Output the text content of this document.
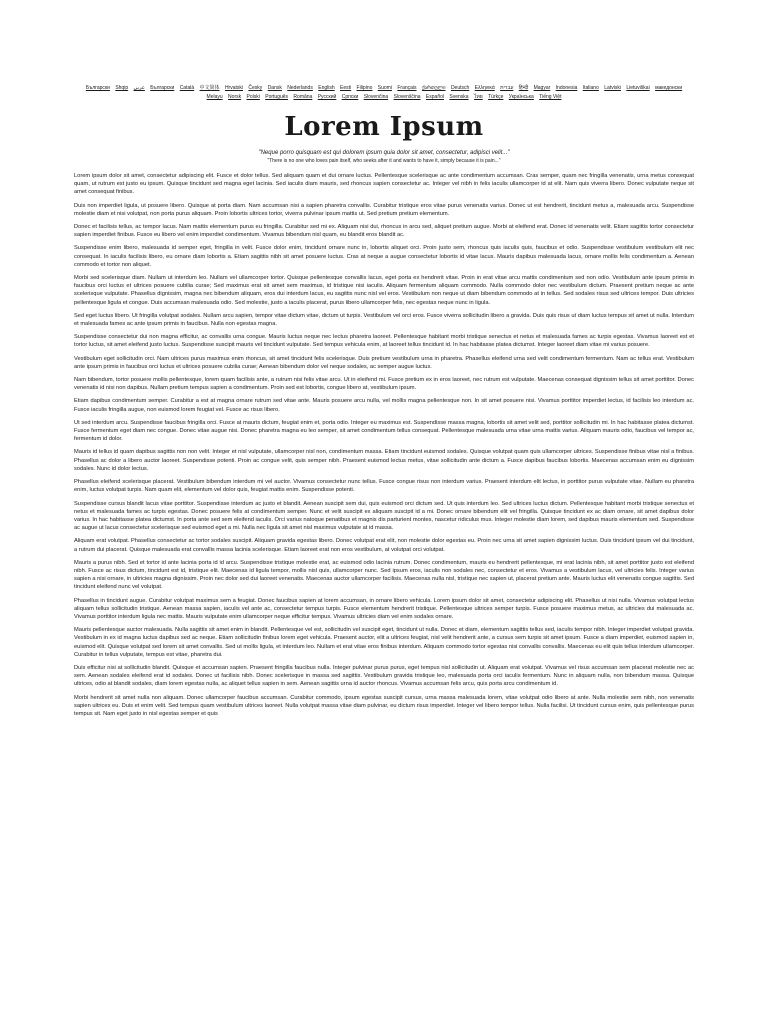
Български Shqip عربي Български Català 中文简体 Hrvatski Česky Dansk Nederlands English Eesti Filipino Suomi Français ქართული Deutsch Ελληνικά עברית हिन्दी Magyar Indonesia Italiano Latviski Lietuviškai македонски Melayu Norsk Polski Português Româna Pyccкий Српски Slovenčina Slovenščina Español Svenska ไทย Türkçe Українська Tiếng Việt
Lorem Ipsum
"Neque porro quisquam est qui dolorem ipsum quia dolor sit amet, consectetur, adipisci velit..."
"There is no one who loves pain itself, who seeks after it and wants to have it, simply because it is pain..."

Lorem ipsum dolor sit amet, consectetur adipiscing elit. Fusce et dolor tellus. Sed aliquam quam et dui ornare luctus. Pellentesque scelerisque ac ante condimentum accumsan. Cras semper, quam nec fringilla venenatis, urna metus consequat quam, ut rutrum est justo eu ipsum. Quisque tincidunt sed magna eget lacinia. Sed iaculis diam mauris, sed rhoncus sapien consectetur ac. Integer vel nibh in felis iaculis ullamcorper id at elit. Nam quis viverra libero. Donec vulputate neque sit amet consequat finibus.

Duis non imperdiet ligula, ut posuere libero. Quisque at porta diam. Nam accumsan nisi a sapien pharetra convallis. Curabitur tristique eros vitae purus venenatis varius. Donec ut est hendrerit, tincidunt metus a, malesuada arcu. Suspendisse molestie diam et nisi volutpat, non porta purus aliquam. Proin lobortis ultrices tortor, viverra pulvinar ipsum mattis ut. Sed pretium pretium elementum.

Donec et facilisis tellus, ac tempor lacus. Nam mattis elementum purus eu fringilla. Curabitur sed mi ex. Aliquam nisi dui, rhoncus in arcu sed, aliquet pretium augue. Morbi at eleifend erat. Donec id venenatis velit. Etiam sagittis tortor consectetur sapien imperdiet finibus. Fusce eu libero vel enim imperdiet condimentum. Vivamus bibendum nisl quam, eu blandit eros blandit ac.

Suspendisse enim libero, malesuada id semper eget, fringilla in velit. Fusce dolor enim, tincidunt ornare nunc in, lobortis aliquet orci. Proin justo sem, rhoncus quis iaculis quis, faucibus et odio. Suspendisse vestibulum vestibulum elit nec consequat. In iaculis facilisis libero, eu ornare diam lobortis a. Etiam sagittis nibh sit amet posuere luctus. Cras at neque a augue consectetur lobortis id vitae lacus. Mauris dapibus malesuada lacus, ornare mollis felis condimentum a. Aenean commodo et tortor non aliquet.

Morbi sed scelerisque diam. Nullam ut interdum leo. Nullam vel ullamcorper tortor. Quisque pellentesque convallis lacus, eget porta ex hendrerit vitae. Proin in erat vitae arcu mattis condimentum sed non odio. Vestibulum ante ipsum primis in faucibus orci luctus et ultrices posuere cubilia curae; Sed maximus erat sit amet sem maximus, id tristique nisi iaculis. Aliquam fermentum aliquam commodo. Nulla commodo dolor nec vestibulum dictum. Praesent pretium neque ac ante scelerisque vulputate. Phasellus dignissim, magna nec bibendum aliquam, eros dui interdum lacus, eu sagittis nunc nisl vel eros. Vestibulum non neque ut diam bibendum commodo at in tellus. Sed sodales risus sed ultrices tempor. Duis ultricies pellentesque ligula et congue. Duis accumsan malesuada odio. Sed molestie, justo a iaculis placerat, purus libero ullamcorper felis, nec egestas neque nunc in ligula.

Sed eget luctus libero. Ut fringilla volutpat sodales. Nullam arcu sapien, tempor vitae dictum vitae, dictum ut turpis. Vestibulum vel orci eros. Fusce viverra sollicitudin libero a gravida. Duis quis risus ut diam luctus tempus sit amet ut nulla. Interdum et malesuada fames ac ante ipsum primis in faucibus. Nulla non egestas magna.

Suspendisse consectetur dui non magna efficitur, ac convallis urna congue. Mauris luctus neque nec lectus pharetra laoreet. Pellentesque habitant morbi tristique senectus et netus et malesuada fames ac turpis egestas. Vivamus laoreet est et tortor luctus, sit amet eleifend justo luctus. Suspendisse suscipit mauris vel tincidunt vulputate. Sed tempus vehicula enim, at laoreet tellus tincidunt id. In hac habitasse platea dictumst. Integer laoreet diam vitae mi varius posuere.

Vestibulum eget sollicitudin orci. Nam ultrices purus maximus enim rhoncus, sit amet tincidunt felis scelerisque. Duis pretium vestibulum urna in pharetra. Phasellus eleifend urna sed velit condimentum fermentum. Nam ac tellus erat. Vestibulum ante ipsum primis in faucibus orci luctus et ultrices posuere cubilia curae; Aenean bibendum dolor vel neque sodales, ac semper augue luctus.

Nam bibendum, tortor posuere mollis pellentesque, lorem quam facilisis ante, a rutrum nisi felis vitae arcu. Ut in eleifend mi. Fusce pretium ex in eros laoreet, nec rutrum est vulputate. Maecenas consequat dignissim tellus sit amet porttitor. Donec venenatis id nisi non dapibus. Nullam pretium tempus sapien a condimentum. Proin sed est lobortis, congue libero at, vestibulum ipsum.

Etiam dapibus condimentum semper. Curabitur a est at magna ornare rutrum sed vitae ante. Mauris posuere arcu nulla, vel mollis magna pellentesque non. In sit amet posuere nisi. Vivamus porttitor imperdiet lectus, id facilisis leo interdum ac. Fusce iaculis fringilla augue, non euismod lorem feugiat vel. Fusce ac risus libero.

Ut sed interdum arcu. Suspendisse faucibus fringilla orci. Fusce at mauris dictum, feugiat enim et, porta odio. Integer eu maximus est. Suspendisse massa magna, lobortis sit amet velit sed, porttitor sollicitudin mi. In hac habitasse platea dictumst. Fusce fermentum eget diam nec congue. Donec vitae augue nisi. Donec pharetra magna eu leo semper, sit amet condimentum tellus consequat. Pellentesque malesuada urna vitae urna mattis varius. Aliquam mauris odio, faucibus vel tempor ac, fermentum id dolor.

Mauris id tellus id quam dapibus sagittis non non velit. Integer et nisl vulputate, ullamcorper nisl non, condimentum massa. Etiam tincidunt euismod sodales. Quisque volutpat quam quis ullamcorper ultrices. Suspendisse finibus vitae nisl a finibus. Phasellus ac dolor a libero auctor laoreet. Suspendisse potenti. Proin ac congue velit, quis semper nibh. Praesent euismod lectus metus, vitae sollicitudin ante dictum a. Fusce dapibus faucibus lobortis. Maecenas accumsan enim eu dignissim sodales. Nunc id dolor lectus.

Phasellus eleifend scelerisque placerat. Vestibulum bibendum interdum mi vel auctor. Vivamus consectetur nunc tellus. Fusce congue risus non interdum varius. Praesent interdum elit lectus, in porttitor purus vulputate vitae. Nullam eu pharetra enim, luctus volutpat turpis. Nam quam elit, elementum vel dolor quis, feugiat mattis enim. Suspendisse potenti.

Suspendisse cursus blandit lacus vitae porttitor. Suspendisse interdum ac justo et blandit. Aenean suscipit sem dui, quis euismod orci dictum sed. Ut quis interdum leo. Sed ultrices luctus dictum. Pellentesque habitant morbi tristique senectus et netus et malesuada fames ac turpis egestas. Donec posuere felis at condimentum semper. Nunc et velit suscipit ex aliquam suscipit id a mi. Donec ornare bibendum elit vel fringilla. Quisque tincidunt ex ac diam ornare, sit amet dapibus dolor varius. In hac habitasse platea dictumst. In porta ante sed sem eleifend iaculis. Orci varius natoque penatibus et magnis dis parturient montes, nascetur ridiculus mus. Integer molestie diam lorem, sed dapibus mauris elementum sed. Suspendisse ac augue ut lacus consectetur scelerisque sed euismod eget a mi. Nulla nec ligula sit amet nisl maximus vulputate at id massa.

Aliquam erat volutpat. Phasellus consectetur ac tortor sodales suscipit. Aliquam gravida egestas libero. Donec volutpat erat elit, non molestie dolor egestas eu. Proin nec urna sit amet sapien dignissim luctus. Duis tincidunt ipsum vel dui tincidunt, a rutrum dui placerat. Quisque malesuada erat convallis massa lacinia scelerisque. Etiam laoreet erat non eros vestibulum, at volutpat orci volutpat.

Mauris a purus nibh. Sed et tortor id ante lacinia porta id id arcu. Suspendisse tristique molestie erat, ac euismod odio lacinia rutrum. Donec condimentum, mauris eu hendrerit pellentesque, mi erat lacinia nibh, sit amet porttitor justo est eleifend nibh. Fusce ac risus dictum, tincidunt est id, tristique elit. Maecenas id ligula tempor, mollis nisl quis, ullamcorper nunc. Sed ipsum eros, iaculis non sodales nec, consectetur et eros. Vivamus a vestibulum lacus, vel ultricies felis. Integer varius sapien a nisi ornare, in ultricies magna dignissim. Proin nec dolor sed dui laoreet venenatis. Maecenas auctor ullamcorper facilisis. Maecenas nulla nisl, tristique nec sapien ut, placerat pretium ante. Mauris luctus elit venenatis congue sagittis. Sed tincidunt eleifend nunc vel volutpat.

Phasellus in tincidunt augue. Curabitur volutpat maximus sem a feugiat. Donec faucibus sapien at lorem accumsan, in ornare libero vehicula. Lorem ipsum dolor sit amet, consectetur adipiscing elit. Phasellus ut nisi nulla. Vivamus volutpat lectus aliquam tellus sollicitudin tristique. Aenean massa sapien, iaculis vel ante ac, consectetur tempus turpis. Fusce elementum hendrerit tristique. Pellentesque ultrices semper turpis. Fusce posuere maximus metus, ac ultricies dui malesuada ac. Vivamus porttitor interdum ligula nec mattis. Mauris vulputate enim ullamcorper neque efficitur tempus. Vivamus ultricies diam vel enim sodales ornare.

Mauris pellentesque auctor malesuada. Nulla sagittis sit amet enim in blandit. Pellentesque vel est, sollicitudin vel suscipit eget, tincidunt ut nulla. Donec et diam, elementum sagittis tellus sed, iaculis tempor nibh. Integer imperdiet volutpat gravida. Vestibulum in ex id magna luctus dapibus sed ac neque. Etiam sollicitudin finibus lorem eget vehicula. Praesent auctor, elit a ultrices feugiat, nisl velit hendrerit ante, a cursus sem turpis sit amet ipsum. Fusce a diam imperdiet, euismod sapien in, euismod elit. Quisque volutpat sed lorem sit amet convallis. Sed ut mollis ligula, et interdum leo. Nullam et erat vitae eros finibus interdum. Aliquam commodo tortor egestas nisi convallis convallis. Maecenas eu elit quis tellus interdum ullamcorper. Curabitur in tellus vulputate, tempus est vitae, pharetra dui.

Duis efficitur nisi at sollicitudin blandit. Quisque et accumsan sapien. Praesent fringilla faucibus nulla. Integer pulvinar purus purus, eget tempus nisl sollicitudin ut. Aliquam erat volutpat. Vivamus vel risus accumsan sem placerat molestie nec ac sem. Aenean sodales eleifend erat id sodales. Donec ut facilisis nibh. Donec scelerisque in massa sed sagittis. Vestibulum gravida tristique leo, malesuada porta orci iaculis fermentum. Nunc in aliquam nulla, non bibendum massa. Quisque ultrices, odio at blandit sodales, diam lorem egestas nulla, ac aliquet tellus sapien in sem. Aenean sagittis urna id auctor rhoncus. Vivamus accumsan felis arcu, quis porta arcu condimentum id.

Morbi hendrerit sit amet nulla non aliquam. Donec ullamcorper faucibus accumsan. Curabitur commodo, ipsum egestas suscipit cursus, urna massa malesuada lorem, vitae volutpat odio libero at ante. Nulla molestie sem nibh, non venenatis sapien ultrices eu. Duis et enim velit. Sed tempus quam vestibulum ultrices laoreet. Nulla volutpat massa vitae diam pulvinar, eu dictum risus imperdiet. Integer vel libero tempor tellus. Nulla facilisi. Ut tincidunt cursus enim, quis pellentesque purus tempus sit. Nam eget justo in nisl egestas semper et quis
